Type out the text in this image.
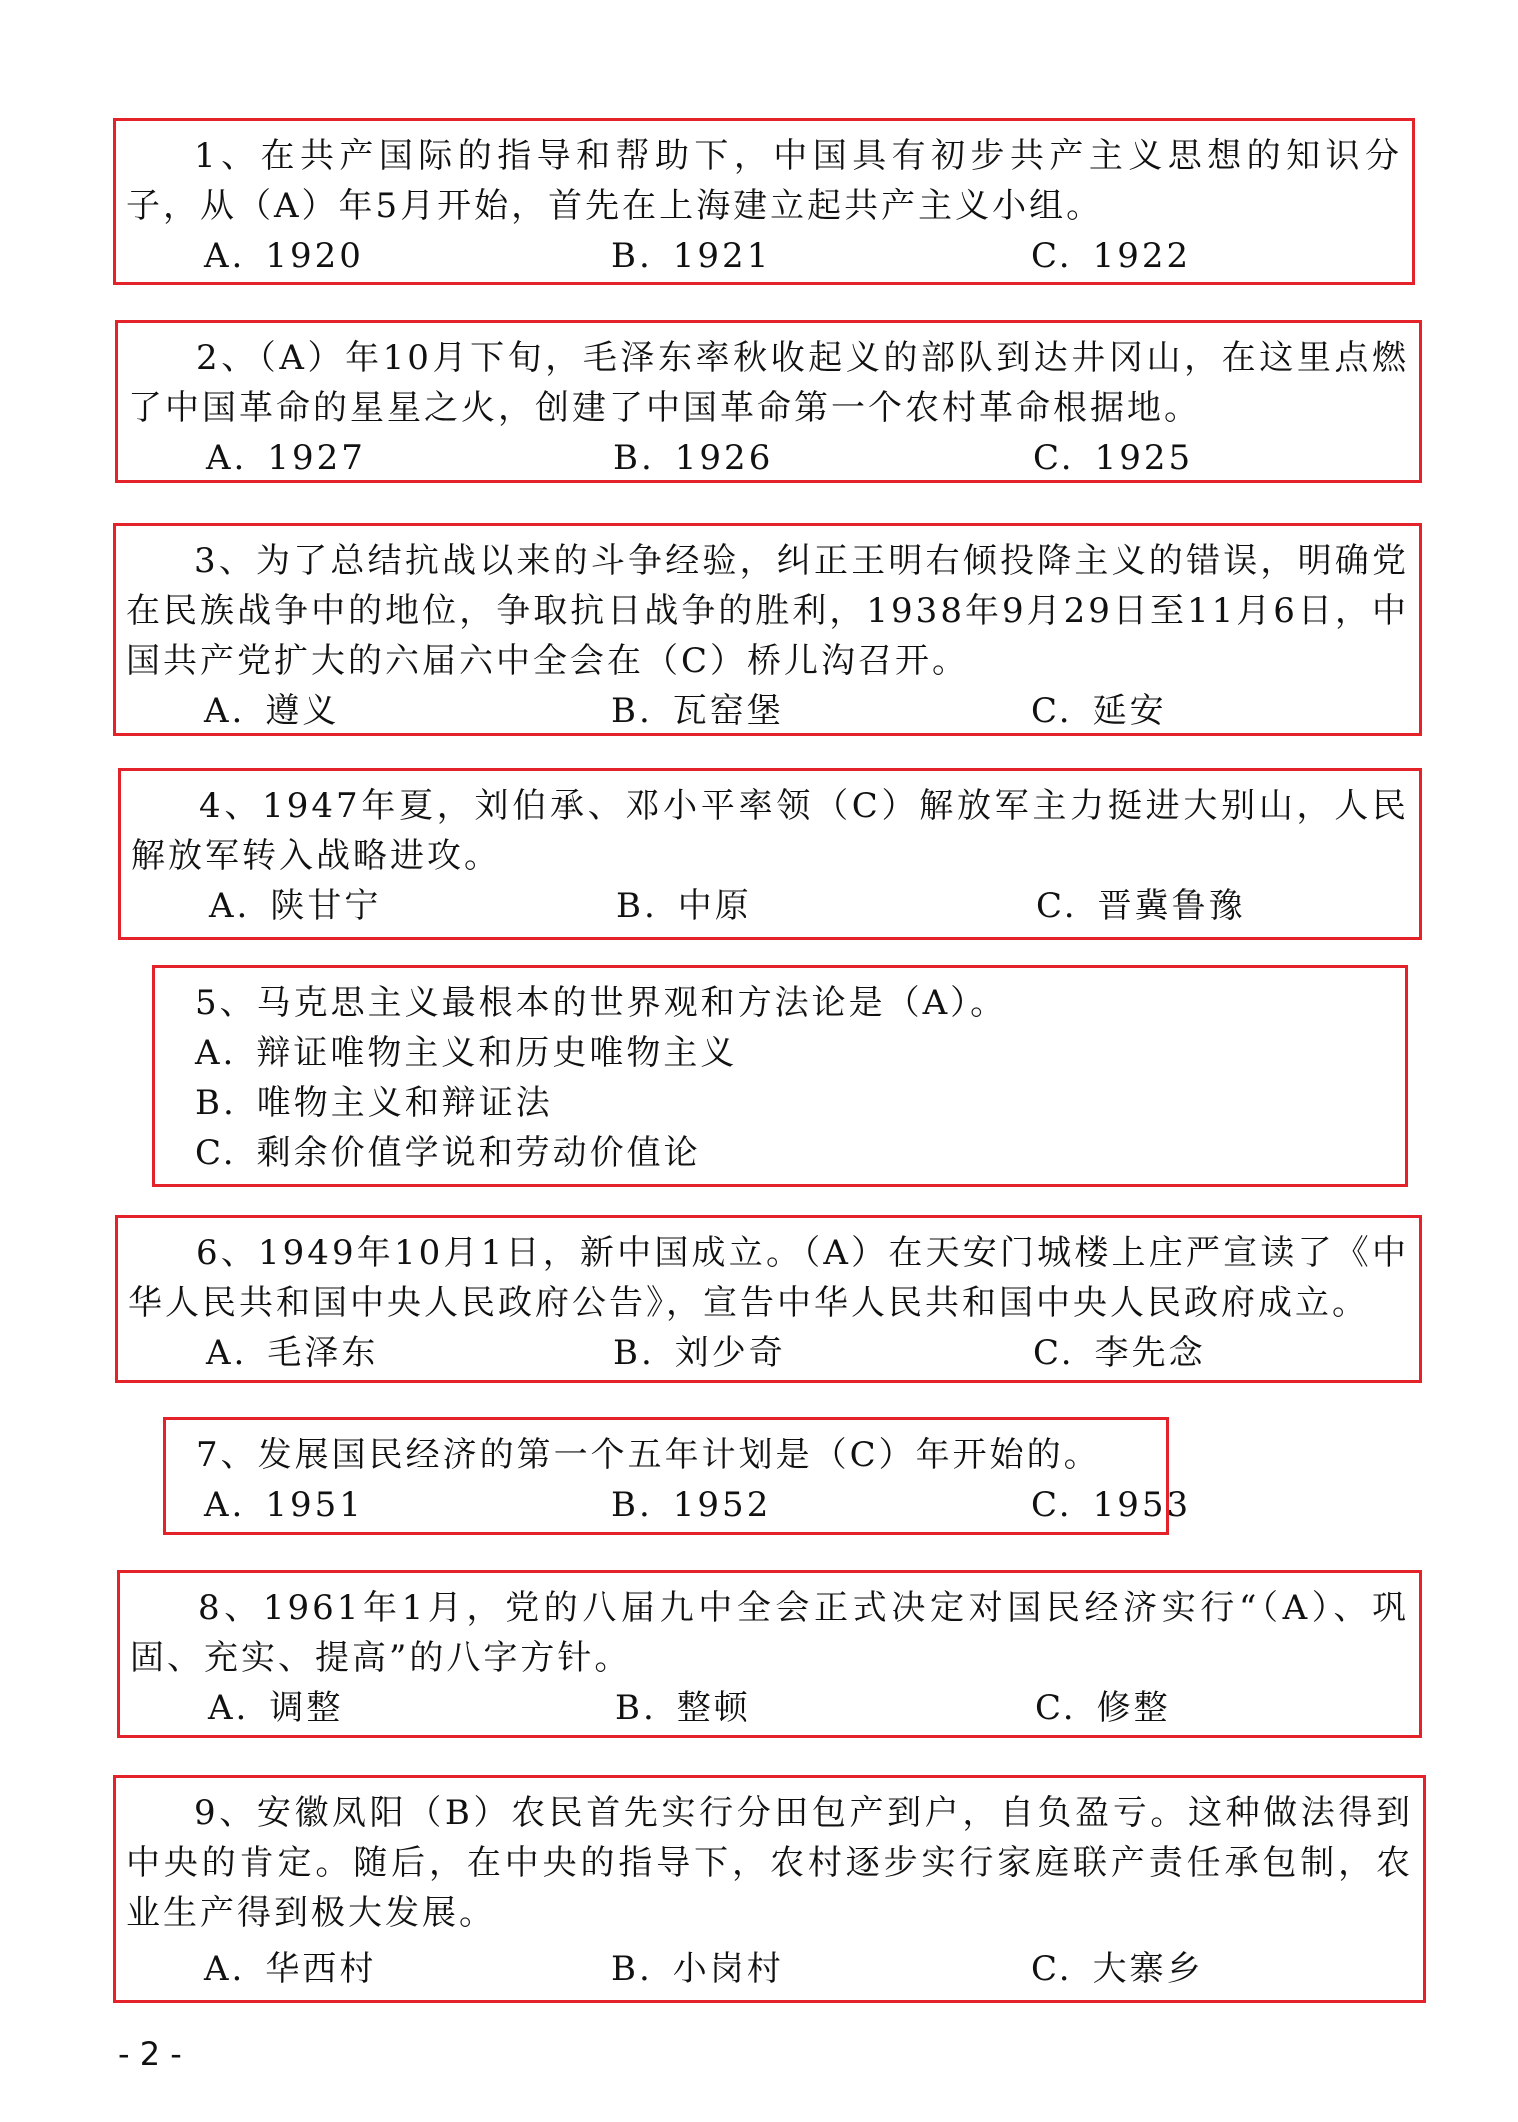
1、在共产国际的指导和帮助下，中国具有初步共产主义思想的知识分子，从（A）年5月开始，首先在上海建立起共产主义小组。

A. 1920	B. 1921	C. 1922

2、（A）年10月下旬，毛泽东率秋收起义的部队到达井冈山，在这里点燃了中国革命的星星之火，创建了中国革命第一个农村革命根据地。

A. 1927	B. 1926	C. 1925

3、为了总结抗战以来的斗争经验，纠正王明右倾投降主义的错误，明确党在民族战争中的地位，争取抗日战争的胜利，1938年9月29日至11月6日，中国共产党扩大的六届六中全会在（C）桥儿沟召开。

A. 遵义	B. 瓦窑堡	C. 延安

4、1947年夏，刘伯承、邓小平率领（C）解放军主力挺进大别山，人民解放军转入战略进攻。

A. 陕甘宁	B. 中原	C. 晋冀鲁豫

5、马克思主义最根本的世界观和方法论是（A）。

A. 辩证唯物主义和历史唯物主义
B. 唯物主义和辩证法
C. 剩余价值学说和劳动价值论

6、1949年10月1日，新中国成立。（A）在天安门城楼上庄严宣读了《中华人民共和国中央人民政府公告》，宣告中华人民共和国中央人民政府成立。

A. 毛泽东	B. 刘少奇	C. 李先念

7、发展国民经济的第一个五年计划是（C）年开始的。

A. 1951	B. 1952	C. 1953

8、1961年1月，党的八届九中全会正式决定对国民经济实行“（A）、巩固、充实、提高”的八字方针。

A. 调整	B. 整顿	C. 修整

9、安徽凤阳（B）农民首先实行分田包产到户，自负盈亏。这种做法得到中央的肯定。随后，在中央的指导下，农村逐步实行家庭联产责任承包制，农业生产得到极大发展。

A. 华西村	B. 小岗村	C. 大寨乡
- 2 -
